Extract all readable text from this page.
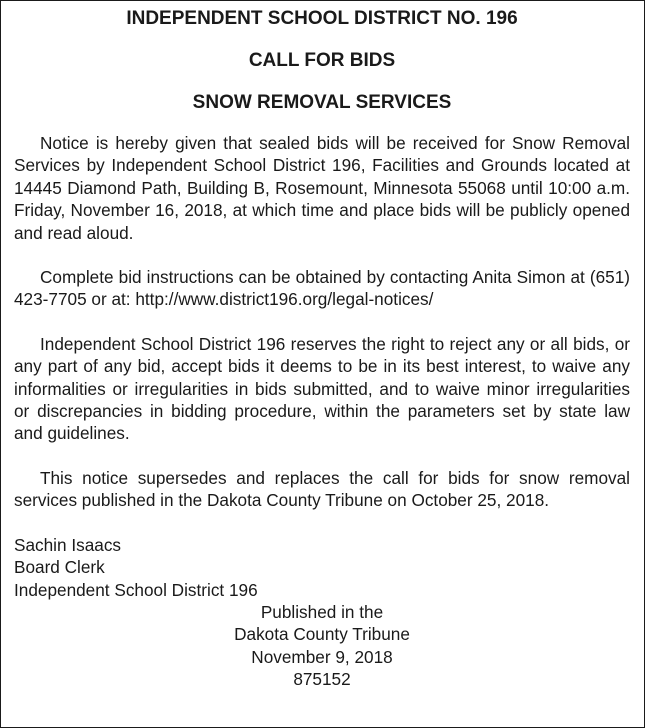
INDEPENDENT SCHOOL DISTRICT NO. 196
CALL FOR BIDS
SNOW REMOVAL SERVICES

Notice is hereby given that sealed bids will be received for Snow Removal Services by Independent School District 196, Facilities and Grounds located at 14445 Diamond Path, Building B, Rosemount, Minnesota 55068 until 10:00 a.m. Friday, November 16, 2018, at which time and place bids will be publicly opened and read aloud.

Complete bid instructions can be obtained by contacting Anita Simon at (651) 423-7705 or at: http://www.district196.org/legal-notices/

Independent School District 196 reserves the right to reject any or all bids, or any part of any bid, accept bids it deems to be in its best interest, to waive any informalities or irregularities in bids submitted, and to waive minor irregularities or discrepancies in bidding procedure, within the parameters set by state law and guidelines.

This notice supersedes and replaces the call for bids for snow removal services published in the Dakota County Tribune on October 25, 2018.

Sachin Isaacs
Board Clerk
Independent School District 196
Published in the
Dakota County Tribune
November 9, 2018
875152
